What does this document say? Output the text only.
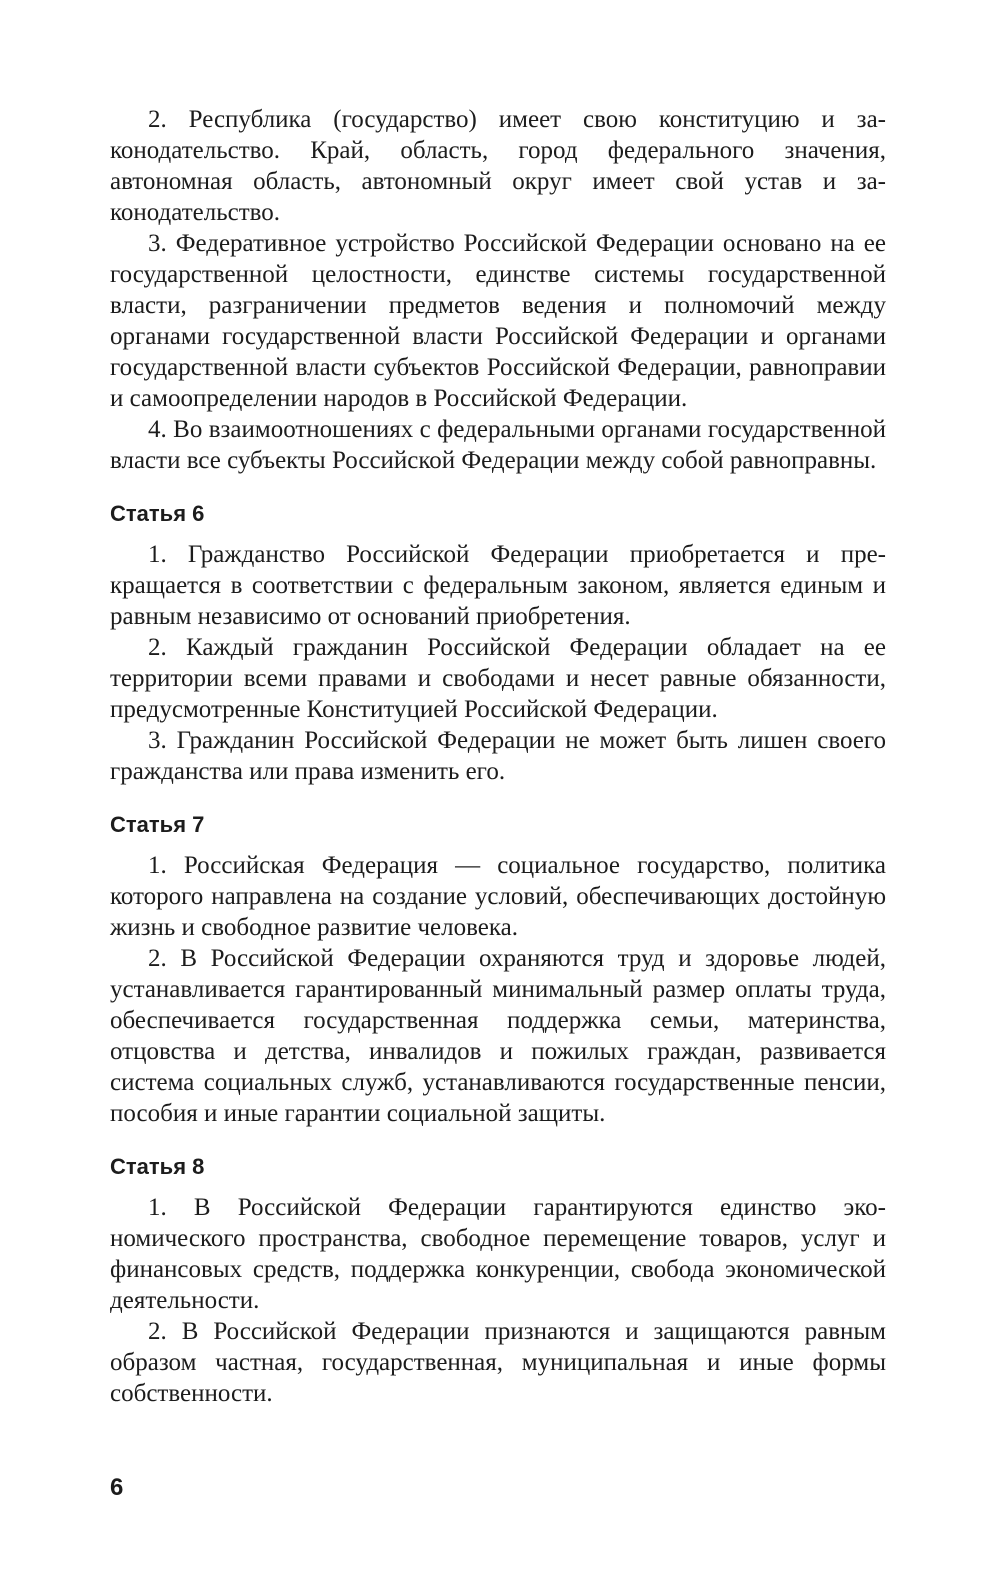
2. Республика (государство) имеет свою конституцию и законодательство. Край, область, город федерального значения, автономная область, автономный округ имеет свой устав и законодательство.

3. Федеративное устройство Российской Федерации основано на ее государственной целостности, единстве системы государственной власти, разграничении предметов ведения и полномочий между органами государственной власти Российской Федерации и органами государственной власти субъектов Российской Федерации, равноправии и самоопределении народов в Российской Федерации.

4. Во взаимоотношениях с федеральными органами государственной власти все субъекты Российской Федерации между собой равноправны.

Статья 6

1. Гражданство Российской Федерации приобретается и прекращается в соответствии с федеральным законом, является единым и равным независимо от оснований приобретения.

2. Каждый гражданин Российской Федерации обладает на ее территории всеми правами и свободами и несет равные обязанности, предусмотренные Конституцией Российской Федерации.

3. Гражданин Российской Федерации не может быть лишен своего гражданства или права изменить его.

Статья 7

1. Российская Федерация — социальное государство, политика которого направлена на создание условий, обеспечивающих достойную жизнь и свободное развитие человека.

2. В Российской Федерации охраняются труд и здоровье людей, устанавливается гарантированный минимальный размер оплаты труда, обеспечивается государственная поддержка семьи, материнства, отцовства и детства, инвалидов и пожилых граждан, развивается система социальных служб, устанавливаются государственные пенсии, пособия и иные гарантии социальной защиты.

Статья 8

1. В Российской Федерации гарантируются единство экономического пространства, свободное перемещение товаров, услуг и финансовых средств, поддержка конкуренции, свобода экономической деятельности.

2. В Российской Федерации признаются и защищаются равным образом частная, государственная, муниципальная и иные формы собственности.

6
